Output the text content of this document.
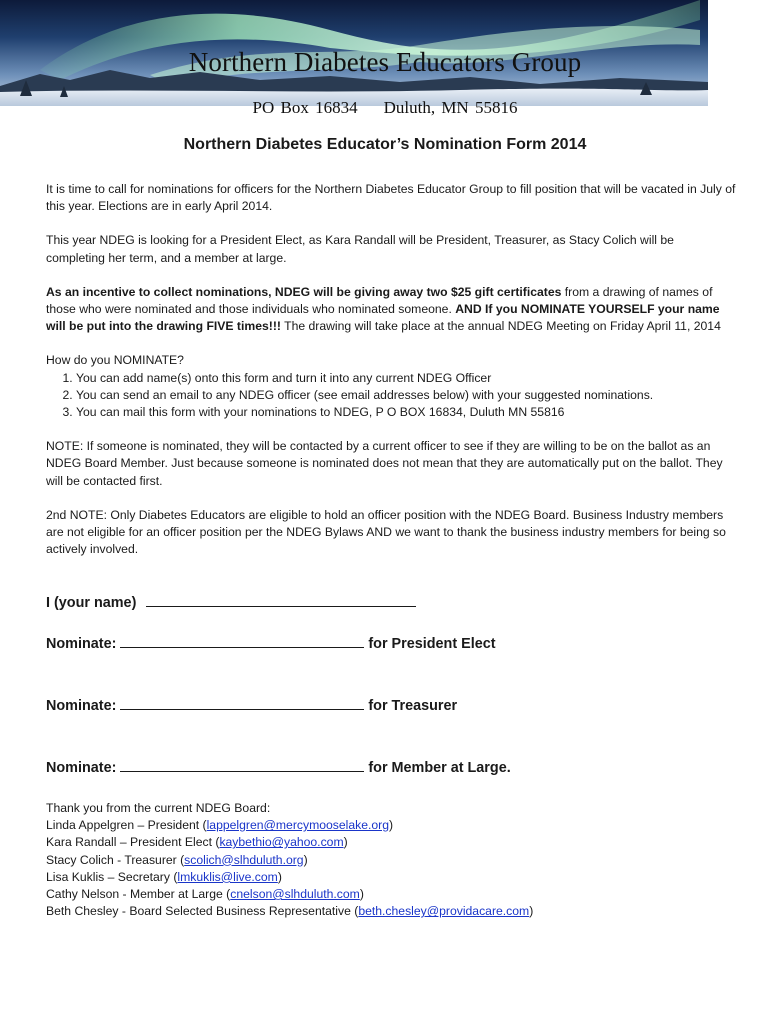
Northern Diabetes Educators Group
PO Box 16834 Duluth, MN 55816
Northern Diabetes Educator’s Nomination Form 2014

It is time to call for nominations for officers for the Northern Diabetes Educator Group to fill position that will be vacated in July of this year. Elections are in early April 2014.

This year NDEG is looking for a President Elect, as Kara Randall will be President, Treasurer, as Stacy Colich will be completing her term, and a member at large.

As an incentive to collect nominations, NDEG will be giving away two $25 gift certificates from a drawing of names of those who were nominated and those individuals who nominated someone. AND If you NOMINATE YOURSELF your name will be put into the drawing FIVE times!!! The drawing will take place at the annual NDEG Meeting on Friday April 11, 2014

How do you NOMINATE?
1. You can add name(s) onto this form and turn it into any current NDEG Officer
2. You can send an email to any NDEG officer (see email addresses below) with your suggested nominations.
3. You can mail this form with your nominations to NDEG, P O BOX 16834, Duluth MN 55816

NOTE: If someone is nominated, they will be contacted by a current officer to see if they are willing to be on the ballot as an NDEG Board Member. Just because someone is nominated does not mean that they are automatically put on the ballot. They will be contacted first.

2nd NOTE: Only Diabetes Educators are eligible to hold an officer position with the NDEG Board. Business Industry members are not eligible for an officer position per the NDEG Bylaws AND we want to thank the business industry members for being so actively involved.

I (your name)
Nominate:	for President Elect
Nominate:	for Treasurer
Nominate:	for Member at Large.
Thank you from the current NDEG Board:
Linda Appelgren – President (lappelgren@mercymooselake.org)
Kara Randall – President Elect (kaybethio@yahoo.com)
Stacy Colich - Treasurer (scolich@slhduluth.org)
Lisa Kuklis – Secretary (lmkuklis@live.com)
Cathy Nelson - Member at Large (cnelson@slhduluth.com)
Beth Chesley - Board Selected Business Representative (beth.chesley@providacare.com)
